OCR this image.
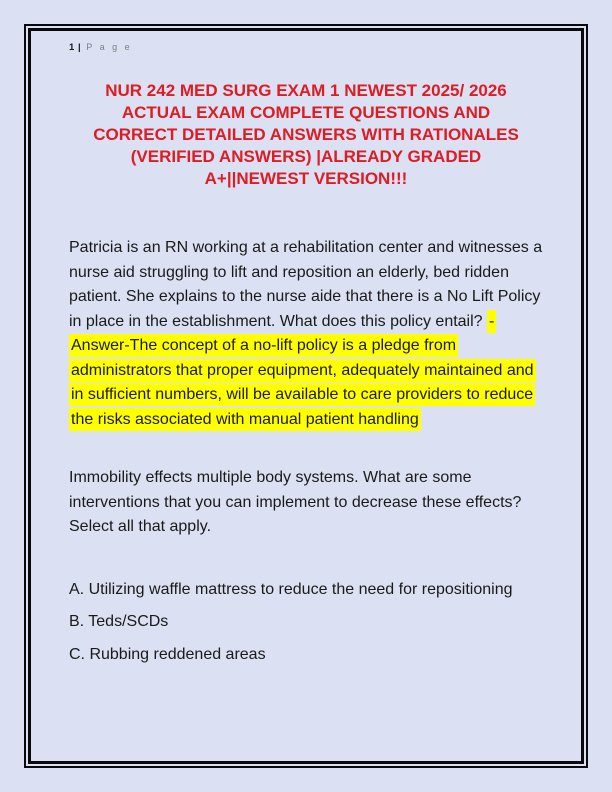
1 | P a g e
NUR 242 MED SURG EXAM 1 NEWEST 2025/ 2026
ACTUAL EXAM COMPLETE QUESTIONS AND
CORRECT DETAILED ANSWERS WITH RATIONALES
(VERIFIED ANSWERS) |ALREADY GRADED
A+||NEWEST VERSION!!!

Patricia is an RN working at a rehabilitation center and witnesses a nurse aid struggling to lift and reposition an elderly, bed ridden patient. She explains to the nurse aide that there is a No Lift Policy in place in the establishment. What does this policy entail? - Answer-The concept of a no-lift policy is a pledge from administrators that proper equipment, adequately maintained and in sufficient numbers, will be available to care providers to reduce the risks associated with manual patient handling

Immobility effects multiple body systems. What are some interventions that you can implement to decrease these effects? Select all that apply.

A. Utilizing waffle mattress to reduce the need for repositioning

B. Teds/SCDs

C. Rubbing reddened areas
